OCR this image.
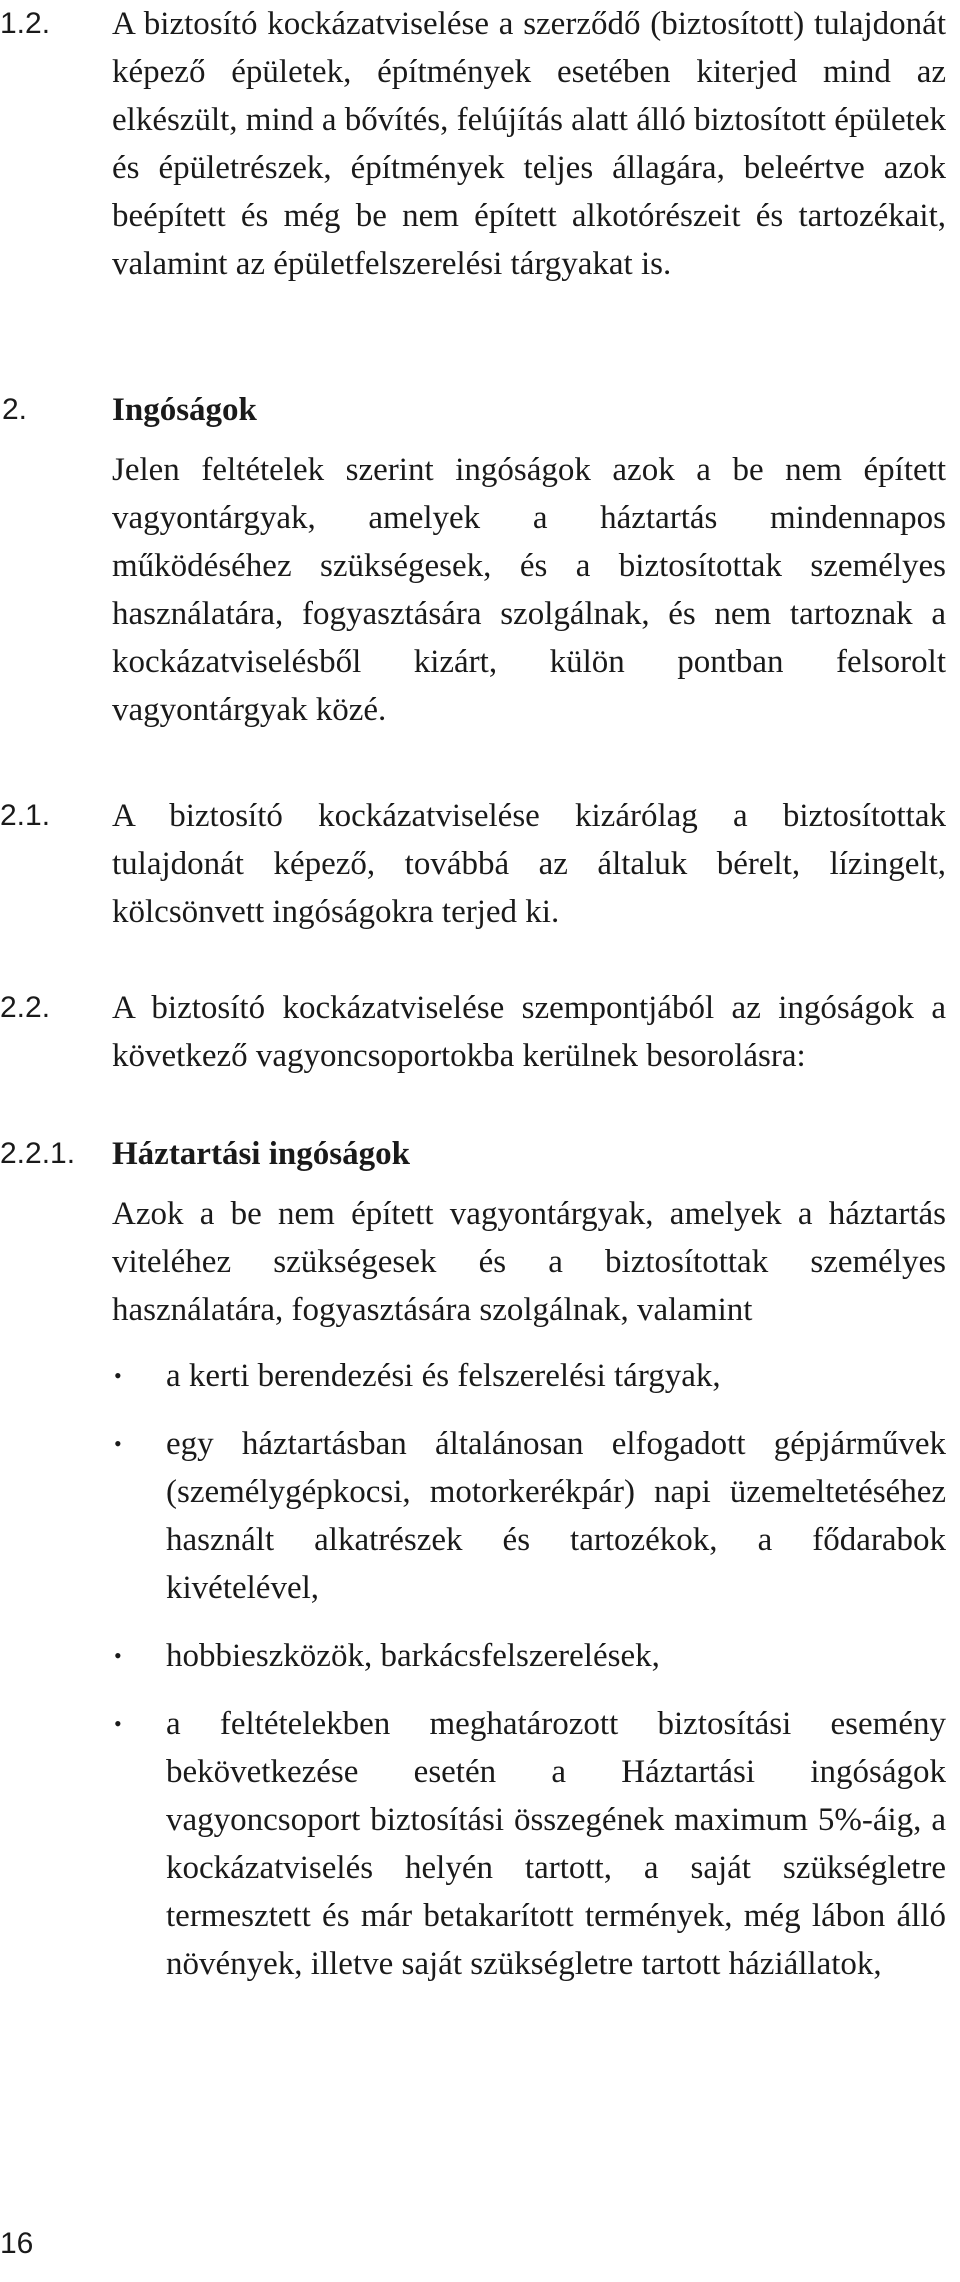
1.2. A biztosító kockázatviselése a szerződő (biztosított) tulajdonát képező épületek, építmények esetében kiterjed mind az elkészült, mind a bővítés, felújítás alatt álló biztosított épületek és épületrészek, építmények teljes állagára, beleértve azok beépített és még be nem épített alkotórészeit és tartozékait, valamint az épületfelszerelési tárgyakat is.

2.	Ingóságok

Jelen feltételek szerint ingóságok azok a be nem épített vagyontárgyak, amelyek a háztartás mindennapos működéséhez szükségesek, és a biztosítottak személyes használatára, fogyasztására szolgálnak, és nem tartoznak a kockázatviselésből kizárt, külön pontban felsorolt vagyontárgyak közé.

2.1. A biztosító kockázatviselése kizárólag a biztosítottak tulajdonát képező, továbbá az általuk bérelt, lízingelt, kölcsönvett ingóságokra terjed ki.

2.2. A biztosító kockázatviselése szempontjából az ingóságok a következő vagyoncsoportokba kerülnek besorolásra:

2.2.1. Háztartási ingóságok

Azok a be nem épített vagyontárgyak, amelyek a háztartás viteléhez szükségesek és a biztosítottak személyes használatára, fogyasztására szolgálnak, valamint

• a kerti berendezési és felszerelési tárgyak,
• egy háztartásban általánosan elfogadott gépjárművek (személygépkocsi, motorkerékpár) napi üzemeltetéséhez használt alkatrészek és tartozékok, a fődarabok kivételével,
• hobbieszközök, barkácsfelszerelések,
• a feltételekben meghatározott biztosítási esemény bekövetkezése esetén a Háztartási ingóságok vagyoncsoport biztosítási összegének maximum 5%-áig, a kockázatviselés helyén tartott, a saját szükségletre termesztett és már betakarított termények, még lábon álló növények, illetve saját szükségletre tartott háziállatok,
16
